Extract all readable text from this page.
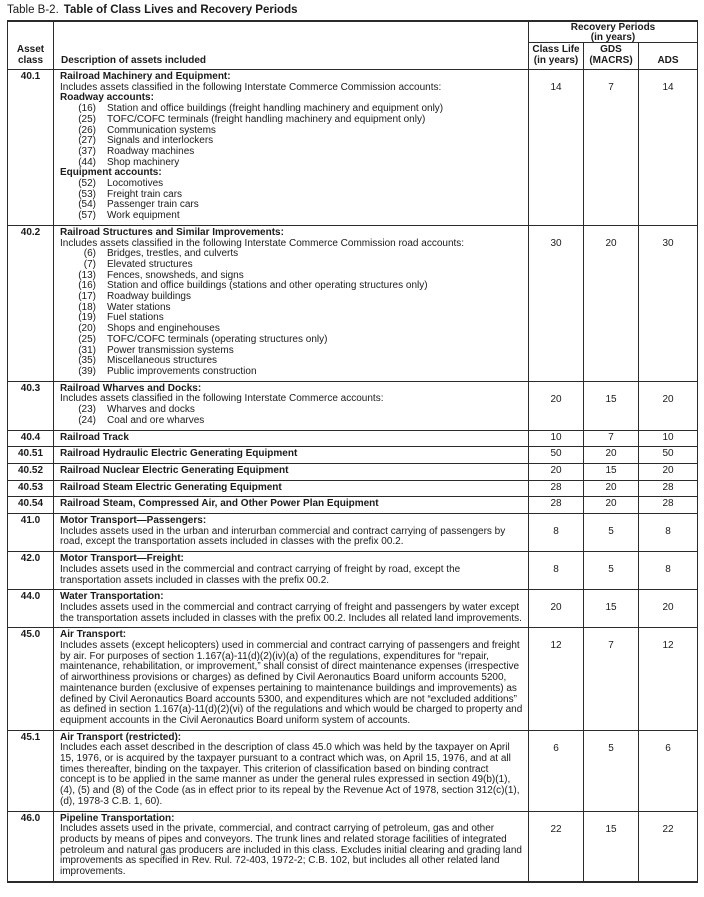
Table B-2. Table of Class Lives and Recovery Periods
Asset
class Description of assets included
Recovery Periods
(in years)
Class Life
(in years)
GDS
(MACRS) ADS
40.1	Railroad Machinery and Equipment:
Includes assets classified in the following Interstate Commerce Commission accounts:
Roadway accounts:
(16)	Station and office buildings (freight handling machinery and equipment only)
(25)	TOFC/COFC terminals (freight handling machinery and equipment only)
(26)	Communication systems
(27)	Signals and interlockers
(37)	Roadway machines
(44)	Shop machinery
Equipment accounts:
(52)	Locomotives
(53)	Freight train cars
(54)	Passenger train cars
(57)	Work equipment
14	7	14
40.2	Railroad Structures and Similar Improvements:
Includes assets classified in the following Interstate Commerce Commission road accounts:
(6)	Bridges, trestles, and culverts
(7)	Elevated structures
(13)	Fences, snowsheds, and signs
(16)	Station and office buildings (stations and other operating structures only)
(17)	Roadway buildings
(18)	Water stations
(19)	Fuel stations
(20)	Shops and enginehouses
(25)	TOFC/COFC terminals (operating structures only)
(31)	Power transmission systems
(35)	Miscellaneous structures
(39)	Public improvements construction
30	20	30
40.3	Railroad Wharves and Docks:
Includes assets classified in the following Interstate Commerce accounts:
(23)	Wharves and docks
(24)	Coal and ore wharves
20	15	20
40.4	Railroad Track	10	7	10
40.51	Railroad Hydraulic Electric Generating Equipment	50	20	50
40.52	Railroad Nuclear Electric Generating Equipment	20	15	20
40.53	Railroad Steam Electric Generating Equipment	28	20	28
40.54	Railroad Steam, Compressed Air, and Other Power Plan Equipment	28	20	28
41.0	Motor Transport—Passengers:
Includes assets used in the urban and interurban commercial and contract carrying of passengers by road, except the transportation assets included in classes with the prefix 00.2.
8	5	8
42.0	Motor Transport—Freight:
Includes assets used in the commercial and contract carrying of freight by road, except the transportation assets included in classes with the prefix 00.2.
8	5	8
44.0	Water Transportation:
Includes assets used in the commercial and contract carrying of freight and passengers by water except the transportation assets included in classes with the prefix 00.2. Includes all related land improvements.
20	15	20
45.0	Air Transport:
Includes assets (except helicopters) used in commercial and contract carrying of passengers and freight by air. For purposes of section 1.167(a)-11(d)(2)(iv)(a) of the regulations, expenditures for “repair, maintenance, rehabilitation, or improvement,” shall consist of direct maintenance expenses (irrespective of airworthiness provisions or charges) as defined by Civil Aeronautics Board uniform accounts 5200, maintenance burden (exclusive of expenses pertaining to maintenance buildings and improvements) as defined by Civil Aeronautics Board accounts 5300, and expenditures which are not “excluded additions” as defined in section 1.167(a)-11(d)(2)(vi) of the regulations and which would be charged to property and equipment accounts in the Civil Aeronautics Board uniform system of accounts.
12	7	12
45.1	Air Transport (restricted):
Includes each asset described in the description of class 45.0 which was held by the taxpayer on April 15, 1976, or is acquired by the taxpayer pursuant to a contract which was, on April 15, 1976, and at all times thereafter, binding on the taxpayer. This criterion of classification based on binding contract concept is to be applied in the same manner as under the general rules expressed in section 49(b)(1), (4), (5) and (8) of the Code (as in effect prior to its repeal by the Revenue Act of 1978, section 312(c)(1), (d), 1978-3 C.B. 1, 60).
6	5	6
46.0	Pipeline Transportation:
Includes assets used in the private, commercial, and contract carrying of petroleum, gas and other products by means of pipes and conveyors. The trunk lines and related storage facilities of integrated petroleum and natural gas producers are included in this class. Excludes initial clearing and grading land improvements as specified in Rev. Rul. 72-403, 1972-2; C.B. 102, but includes all other related land improvements.
22	15	22
